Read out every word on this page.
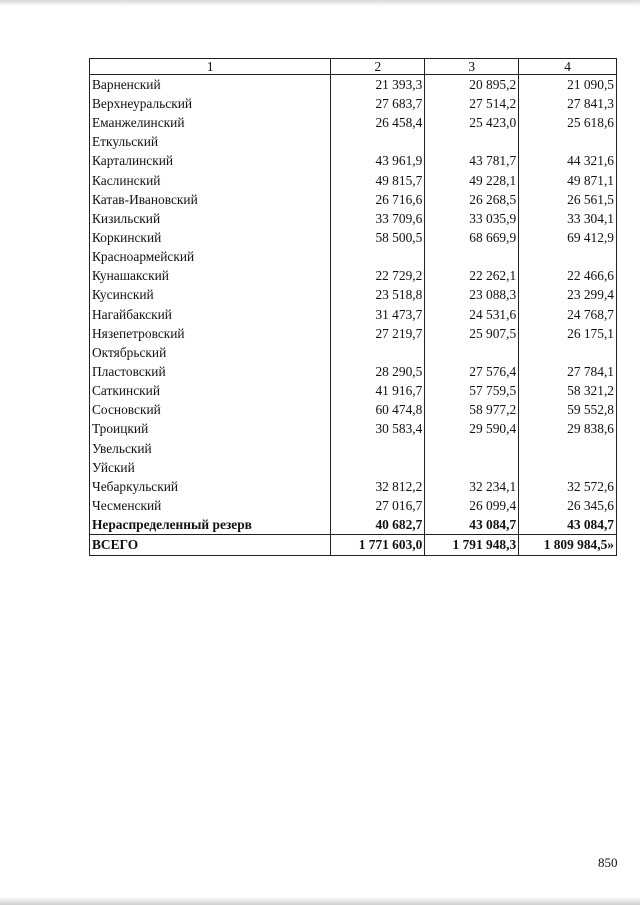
1	2	3	4
Варненский	21 393,3	20 895,2	21 090,5
Верхнеуральский	27 683,7	27 514,2	27 841,3
Еманжелинский	26 458,4	25 423,0	25 618,6
Еткульский			
Карталинский	43 961,9	43 781,7	44 321,6
Каслинский	49 815,7	49 228,1	49 871,1
Катав-Ивановский	26 716,6	26 268,5	26 561,5
Кизильский	33 709,6	33 035,9	33 304,1
Коркинский	58 500,5	68 669,9	69 412,9
Красноармейский			
Кунашакский	22 729,2	22 262,1	22 466,6
Кусинский	23 518,8	23 088,3	23 299,4
Нагайбакский	31 473,7	24 531,6	24 768,7
Нязепетровский	27 219,7	25 907,5	26 175,1
Октябрьский			
Пластовский	28 290,5	27 576,4	27 784,1
Саткинский	41 916,7	57 759,5	58 321,2
Сосновский	60 474,8	58 977,2	59 552,8
Троицкий	30 583,4	29 590,4	29 838,6
Увельский			
Уйский			
Чебаркульский	32 812,2	32 234,1	32 572,6
Чесменский	27 016,7	26 099,4	26 345,6
Нераспределенный резерв	40 682,7	43 084,7	43 084,7
ВСЕГО	1 771 603,0	1 791 948,3	1 809 984,5»
850
